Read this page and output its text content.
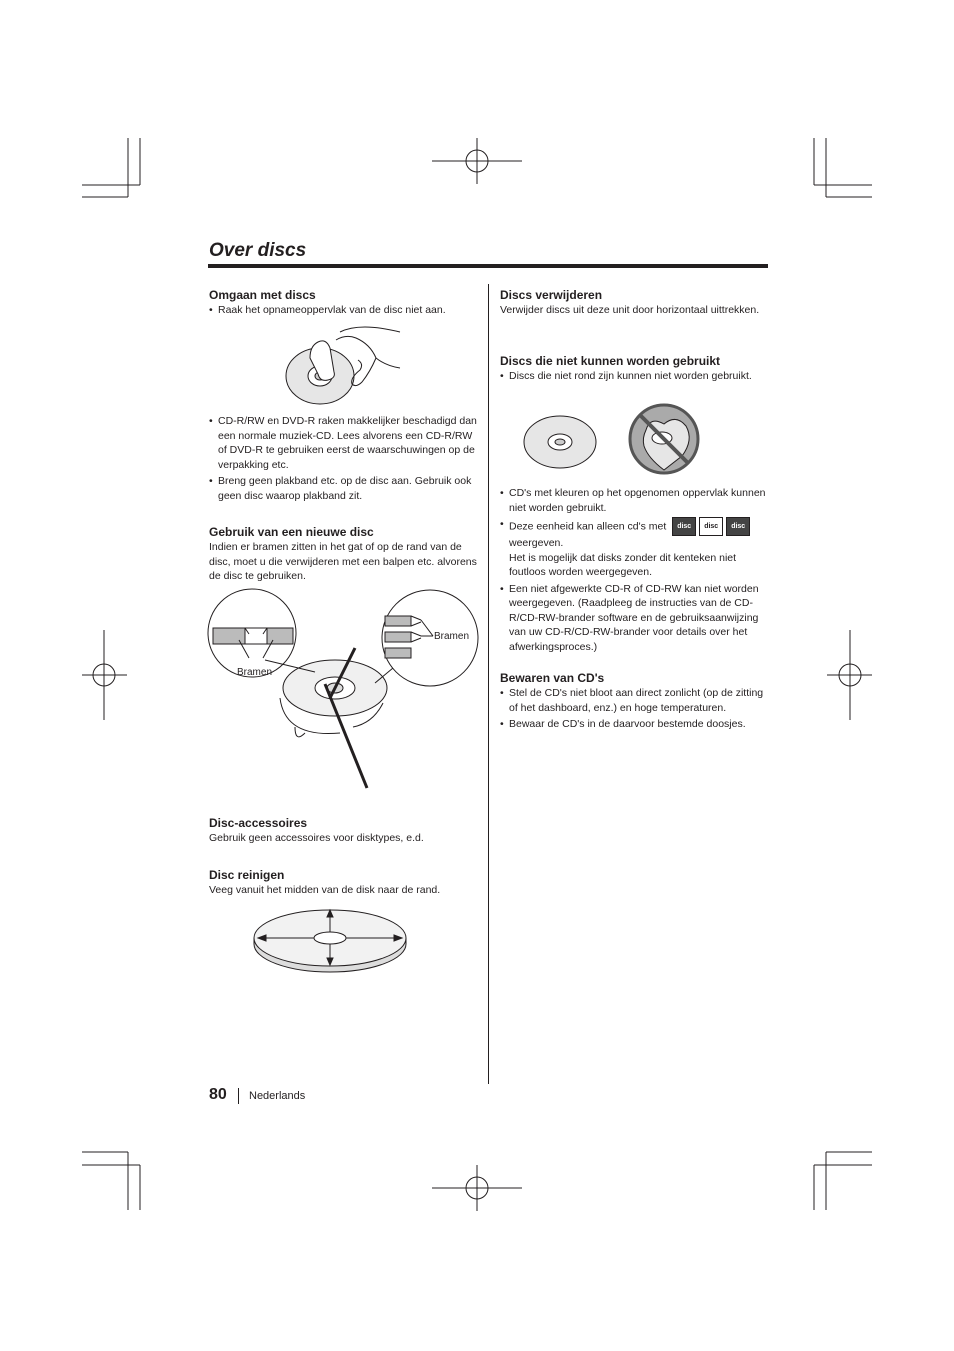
Over discs
Omgaan met discs
• Raak het opnameoppervlak van de disc niet aan.
• CD-R/RW en DVD-R raken makkelijker beschadigd dan een normale muziek-CD. Lees alvorens een CD-R/RW of DVD-R te gebruiken eerst de waarschuwingen op de verpakking etc.
• Breng geen plakband etc. op de disc aan. Gebruik ook geen disc waarop plakband zit.
Gebruik van een nieuwe disc
Indien er bramen zitten in het gat of op de rand van de disc, moet u die verwijderen met een balpen etc. alvorens de disc te gebruiken.
Bramen
Bramen
Disc-accessoires
Gebruik geen accessoires voor disktypes, e.d.
Disc reinigen
Veeg vanuit het midden van de disk naar de rand.
Discs verwijderen
Verwijder discs uit deze unit door horizontaal uittrekken.
Discs die niet kunnen worden gebruikt
• Discs die niet rond zijn kunnen niet worden gebruikt.
• CD's met kleuren op het opgenomen oppervlak kunnen niet worden gebruikt.
• Deze eenheid kan alleen cd's met disc disc disc
weergeven.
Het is mogelijk dat disks zonder dit kenteken niet foutloos worden weergegeven.
• Een niet afgewerkte CD-R of CD-RW kan niet worden weergegeven. (Raadpleeg de instructies van de CD-R/CD-RW-brander software en de gebruiksaanwijzing van uw CD-R/CD-RW-brander voor details over het afwerkingsproces.)
Bewaren van CD's
• Stel de CD's niet bloot aan direct zonlicht (op de zitting of het dashboard, enz.) en hoge temperaturen.
• Bewaar de CD's in de daarvoor bestemde doosjes.
80 Nederlands
